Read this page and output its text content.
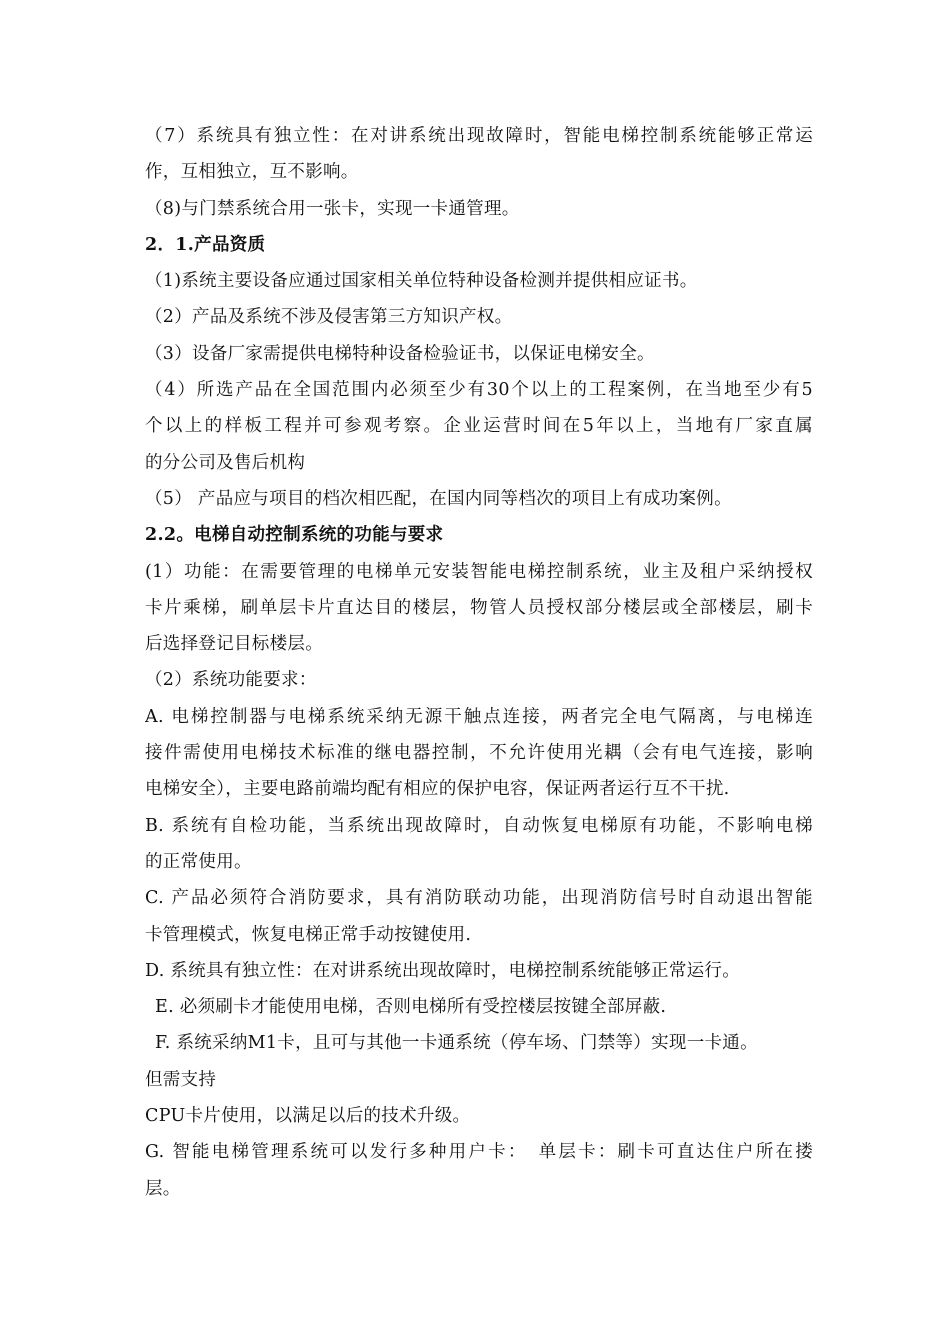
（7）系统具有独立性：在对讲系统出现故障时，智能电梯控制系统能够正常运
作，互相独立，互不影响。
（8)与门禁系统合用一张卡，实现一卡通管理。
2．1.产品资质
（1)系统主要设备应通过国家相关单位特种设备检测并提供相应证书。
（2）产品及系统不涉及侵害第三方知识产权。
（3）设备厂家需提供电梯特种设备检验证书，以保证电梯安全。
（4）所选产品在全国范围内必须至少有30个以上的工程案例，在当地至少有5
个以上的样板工程并可参观考察。企业运营时间在5年以上，当地有厂家直属
的分公司及售后机构
（5） 产品应与项目的档次相匹配，在国内同等档次的项目上有成功案例。
2.2。电梯自动控制系统的功能与要求
(1）功能：在需要管理的电梯单元安装智能电梯控制系统，业主及租户采纳授权
卡片乘梯，刷单层卡片直达目的楼层，物管人员授权部分楼层或全部楼层，刷卡
后选择登记目标楼层。
（2）系统功能要求：
A. 电梯控制器与电梯系统采纳无源干触点连接，两者完全电气隔离，与电梯连
接件需使用电梯技术标准的继电器控制，不允许使用光耦（会有电气连接，影响
电梯安全），主要电路前端均配有相应的保护电容，保证两者运行互不干扰.
B. 系统有自检功能，当系统出现故障时，自动恢复电梯原有功能，不影响电梯
的正常使用。
C. 产品必须符合消防要求，具有消防联动功能，出现消防信号时自动退出智能
卡管理模式，恢复电梯正常手动按键使用.
D. 系统具有独立性：在对讲系统出现故障时，电梯控制系统能够正常运行。
E. 必须刷卡才能使用电梯，否则电梯所有受控楼层按键全部屏蔽.
F. 系统采纳M1卡，且可与其他一卡通系统（停车场、门禁等）实现一卡通。
但需支持
CPU卡片使用，以满足以后的技术升级。
G. 智能电梯管理系统可以发行多种用户卡：　单层卡：刷卡可直达住户所在搂
层。
